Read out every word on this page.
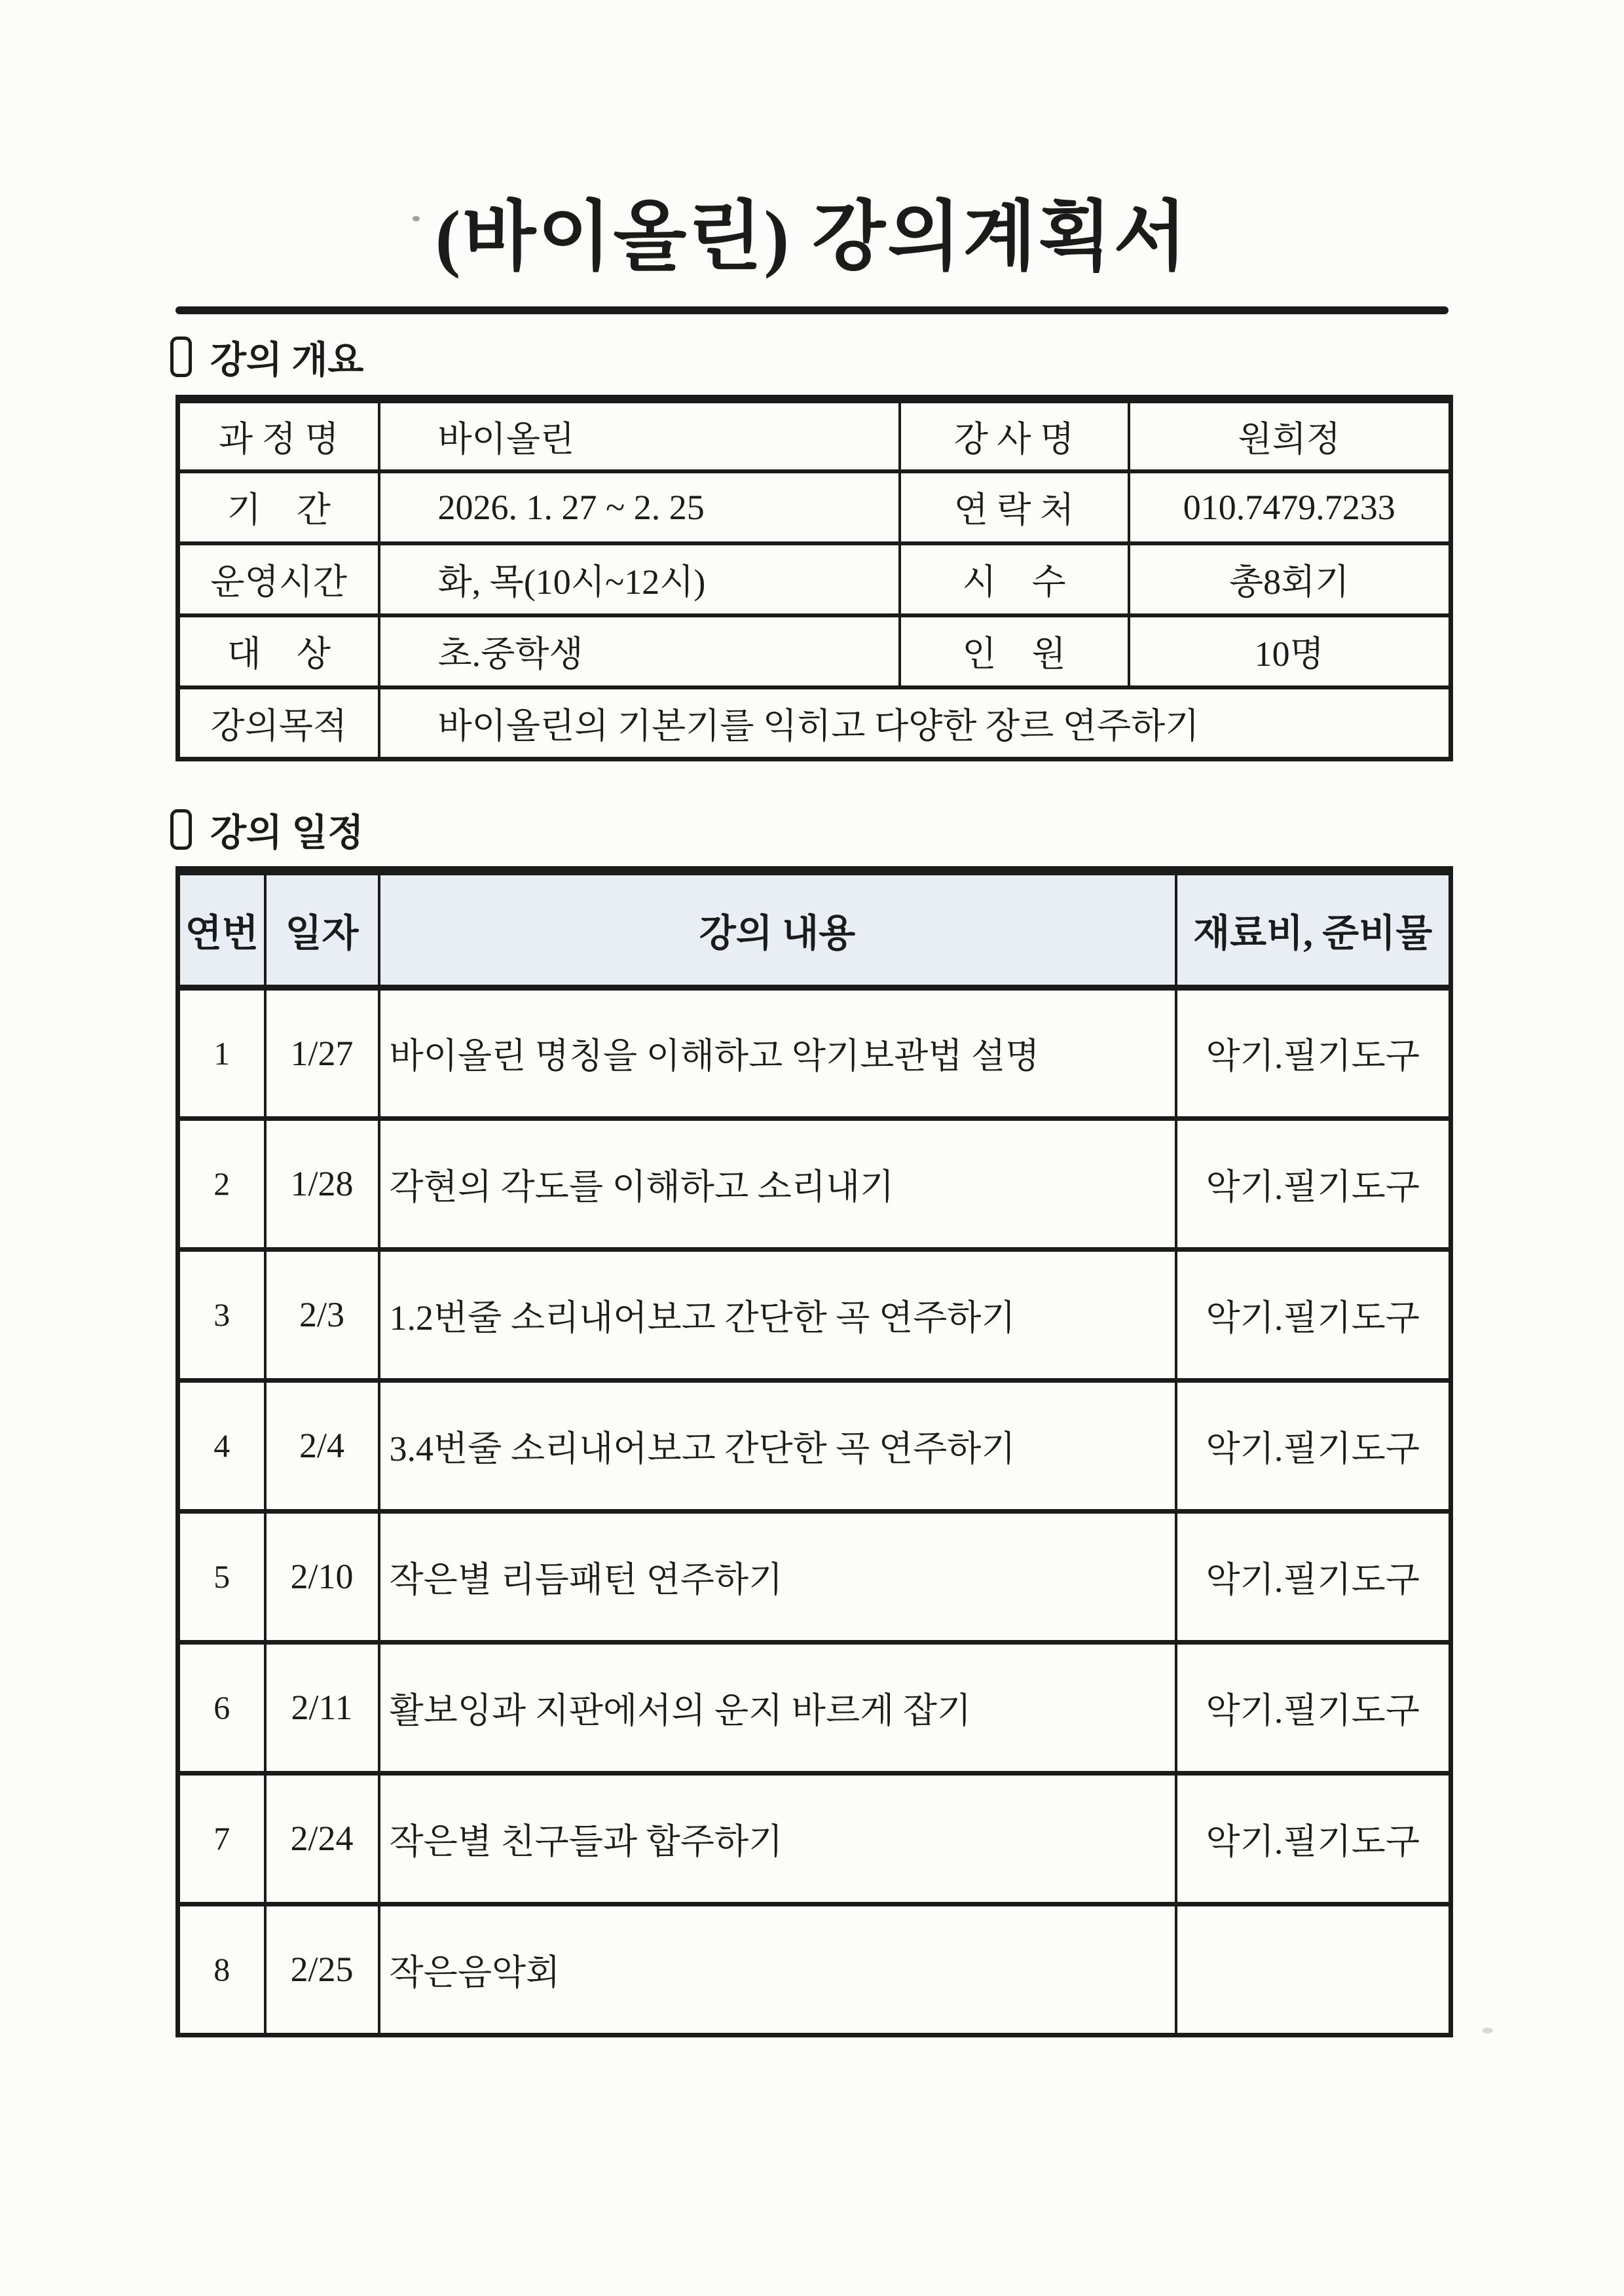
(바이올린) 강의계획서
강의 개요
과 정 명	바이올린	강 사 명	원희정
기    간	2026. 1. 27 ~ 2. 25	연 락 처	010.7479.7233
운영시간	화, 목(10시~12시)	시    수	총8회기
대    상	초.중학생	인    원	10명
강의목적	바이올린의 기본기를 익히고 다양한 장르 연주하기		
강의 일정
연번	일자	강의 내용	재료비, 준비물
1	1/27	바이올린 명칭을 이해하고 악기보관법 설명	악기.필기도구
2	1/28	각현의 각도를 이해하고 소리내기	악기.필기도구
3	2/3	1.2번줄 소리내어보고 간단한 곡 연주하기	악기.필기도구
4	2/4	3.4번줄 소리내어보고 간단한 곡 연주하기	악기.필기도구
5	2/10	작은별 리듬패턴 연주하기	악기.필기도구
6	2/11	활보잉과 지판에서의 운지 바르게 잡기	악기.필기도구
7	2/24	작은별 친구들과 합주하기	악기.필기도구
8	2/25	작은음악회	
